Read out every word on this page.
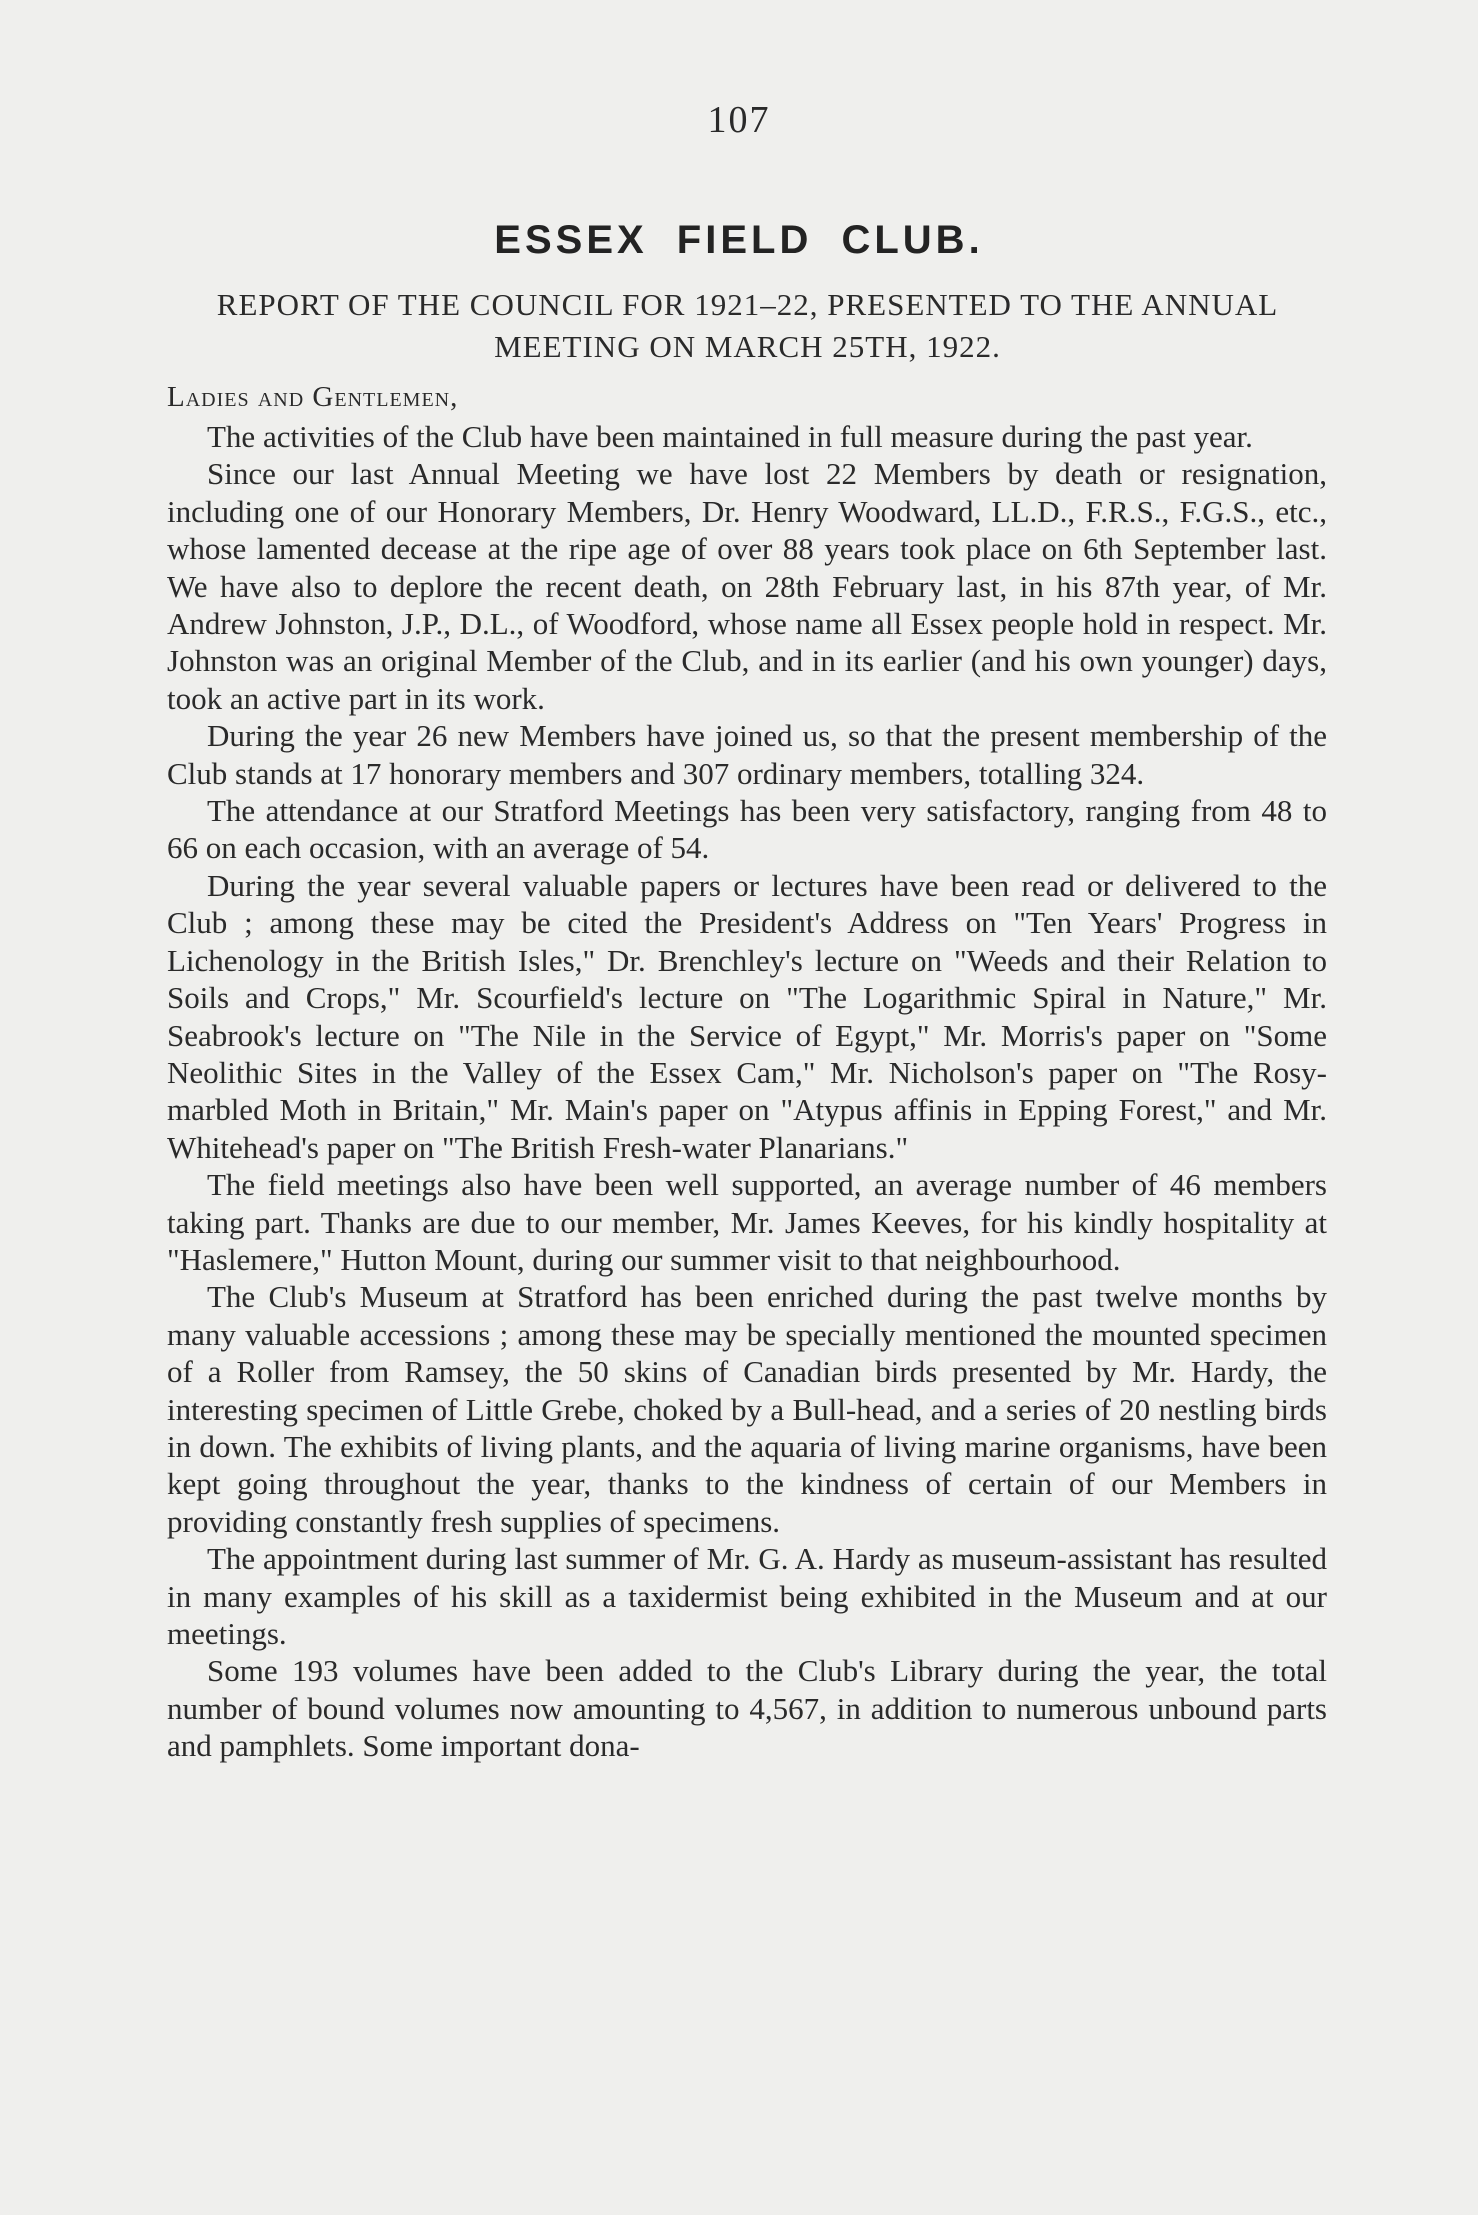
107
ESSEX FIELD CLUB.
REPORT OF THE COUNCIL FOR 1921–22, PRESENTED TO THE ANNUAL MEETING ON MARCH 25TH, 1922.
Ladies and Gentlemen,

The activities of the Club have been maintained in full measure during the past year.

Since our last Annual Meeting we have lost 22 Members by death or resignation, including one of our Honorary Members, Dr. Henry Woodward, LL.D., F.R.S., F.G.S., etc., whose lamented decease at the ripe age of over 88 years took place on 6th September last. We have also to deplore the recent death, on 28th February last, in his 87th year, of Mr. Andrew Johnston, J.P., D.L., of Woodford, whose name all Essex people hold in respect. Mr. Johnston was an original Member of the Club, and in its earlier (and his own younger) days, took an active part in its work.

During the year 26 new Members have joined us, so that the present membership of the Club stands at 17 honorary members and 307 ordinary members, totalling 324.

The attendance at our Stratford Meetings has been very satisfactory, ranging from 48 to 66 on each occasion, with an average of 54.

During the year several valuable papers or lectures have been read or delivered to the Club ; among these may be cited the President's Address on "Ten Years' Progress in Lichenology in the British Isles," Dr. Brenchley's lecture on "Weeds and their Relation to Soils and Crops," Mr. Scourfield's lecture on "The Logarithmic Spiral in Nature," Mr. Seabrook's lecture on "The Nile in the Service of Egypt," Mr. Morris's paper on "Some Neolithic Sites in the Valley of the Essex Cam," Mr. Nicholson's paper on "The Rosy-marbled Moth in Britain," Mr. Main's paper on "Atypus affinis in Epping Forest," and Mr. Whitehead's paper on "The British Fresh-water Planarians."

The field meetings also have been well supported, an average number of 46 members taking part. Thanks are due to our member, Mr. James Keeves, for his kindly hospitality at "Haslemere," Hutton Mount, during our summer visit to that neighbourhood.

The Club's Museum at Stratford has been enriched during the past twelve months by many valuable accessions ; among these may be specially mentioned the mounted specimen of a Roller from Ramsey, the 50 skins of Canadian birds presented by Mr. Hardy, the interesting specimen of Little Grebe, choked by a Bull-head, and a series of 20 nestling birds in down. The exhibits of living plants, and the aquaria of living marine organisms, have been kept going throughout the year, thanks to the kindness of certain of our Members in providing constantly fresh supplies of specimens.

The appointment during last summer of Mr. G. A. Hardy as museum-assistant has resulted in many examples of his skill as a taxidermist being exhibited in the Museum and at our meetings.

Some 193 volumes have been added to the Club's Library during the year, the total number of bound volumes now amounting to 4,567, in addition to numerous unbound parts and pamphlets. Some important dona-
